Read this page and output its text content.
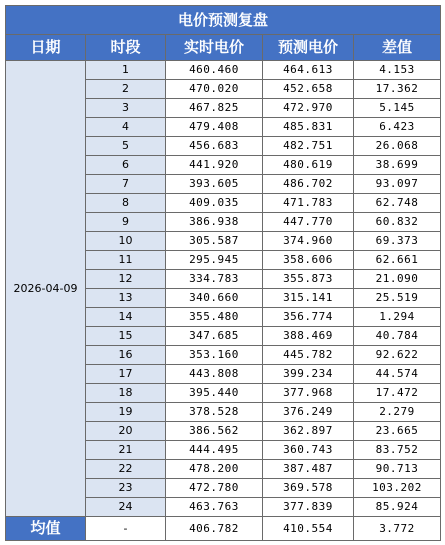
电价预测复盘				
日期	时段	实时电价	预测电价	差值
2026-04-09	1	460.460	464.613	4.153
	2	470.020	452.658	17.362
	3	467.825	472.970	5.145
	4	479.408	485.831	6.423
	5	456.683	482.751	26.068
	6	441.920	480.619	38.699
	7	393.605	486.702	93.097
	8	409.035	471.783	62.748
	9	386.938	447.770	60.832
	10	305.587	374.960	69.373
	11	295.945	358.606	62.661
	12	334.783	355.873	21.090
	13	340.660	315.141	25.519
	14	355.480	356.774	1.294
	15	347.685	388.469	40.784
	16	353.160	445.782	92.622
	17	443.808	399.234	44.574
	18	395.440	377.968	17.472
	19	378.528	376.249	2.279
	20	386.562	362.897	23.665
	21	444.495	360.743	83.752
	22	478.200	387.487	90.713
	23	472.780	369.578	103.202
	24	463.763	377.839	85.924
均值	-	406.782	410.554	3.772
